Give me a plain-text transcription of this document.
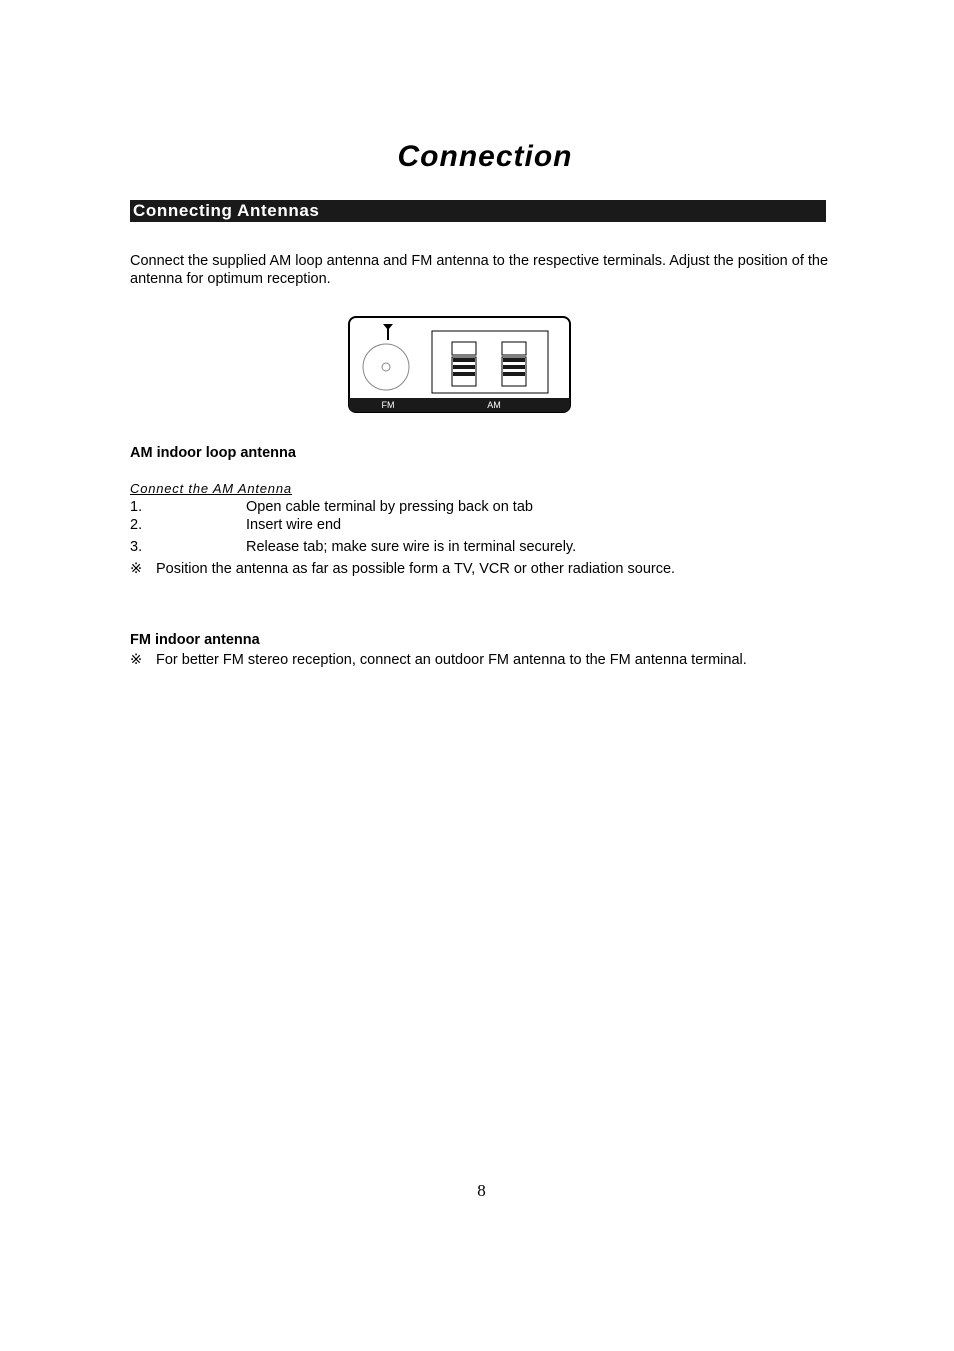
Connection
Connecting Antennas

Connect the supplied AM loop antenna and FM antenna to the respective terminals. Adjust the position of the antenna for optimum reception.

FM	AM
AM indoor loop antenna

Connect the AM Antenna

1.	Open cable terminal by pressing back on tab
2.	Insert wire end
3.	Release tab; make sure wire is in terminal securely.
※ Position the antenna as far as possible form a TV, VCR or other radiation source.
FM indoor antenna
※ For better FM stereo reception, connect an outdoor FM antenna to the FM antenna terminal.
8
